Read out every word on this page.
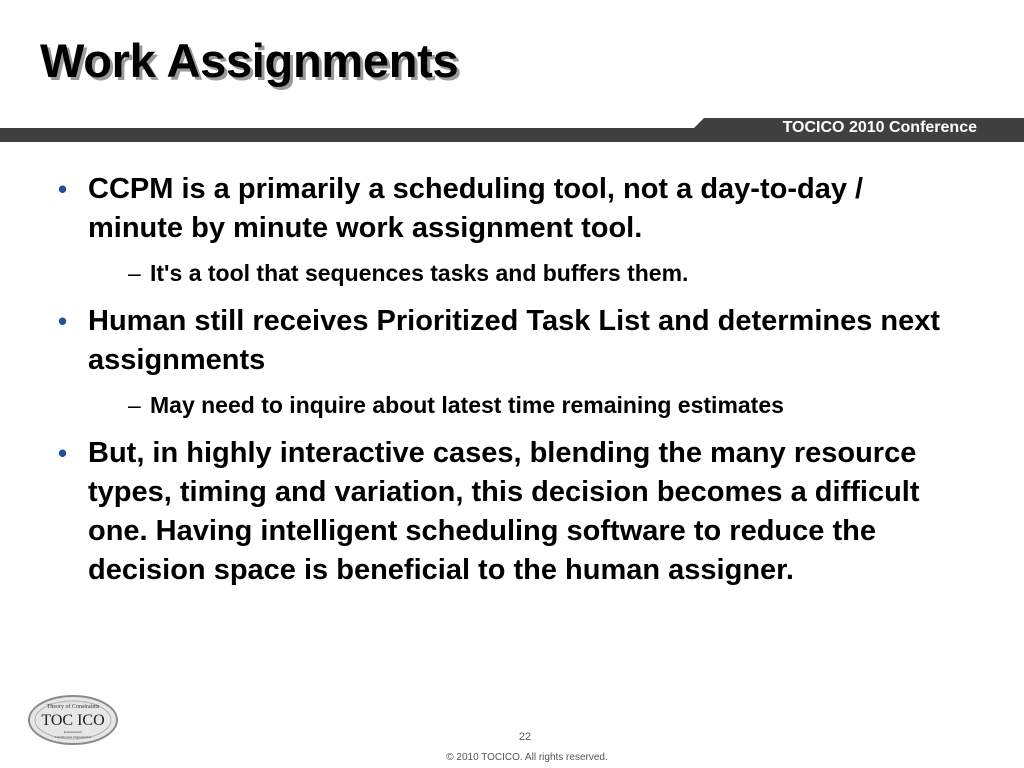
Work Assignments
TOCICO 2010 Conference
• CCPM is a primarily a scheduling tool, not a day-to-day / minute by minute work assignment tool.
– It's a tool that sequences tasks and buffers them.
• Human still receives Prioritized Task List and determines next assignments
– May need to inquire about latest time remaining estimates
• But, in highly interactive cases, blending the many resource types, timing and variation, this decision becomes a difficult one. Having intelligent scheduling software to reduce the decision space is beneficial to the human assigner.
Theory of Constraints
TOC ICO
International
Certification Organization	22
© 2010 TOCICO. All rights reserved.
